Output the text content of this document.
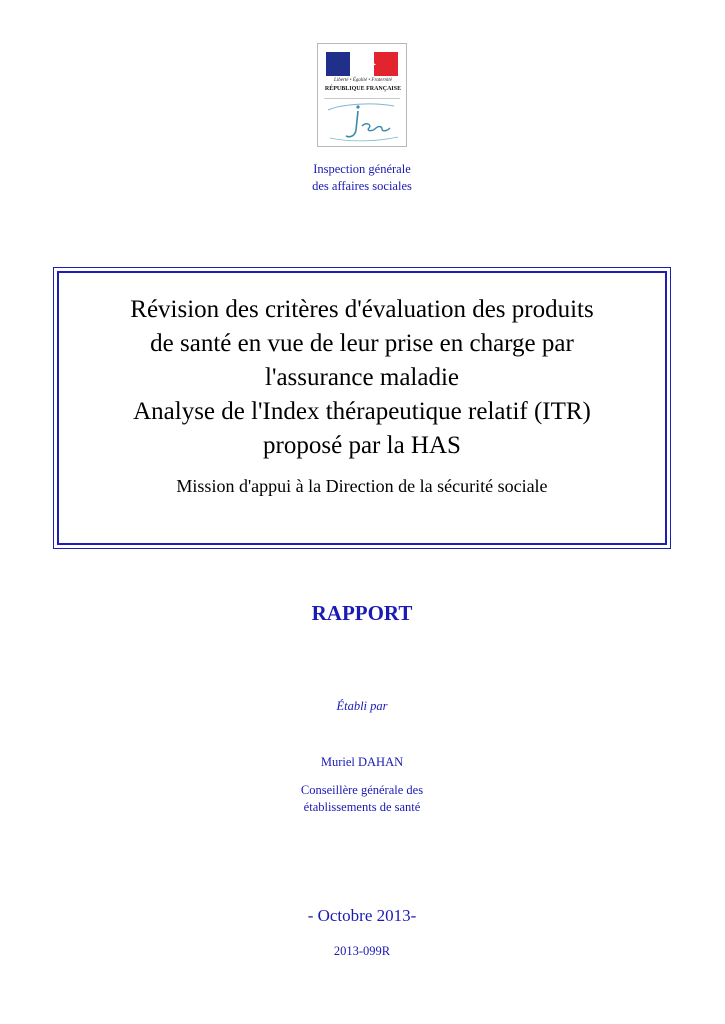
Liberté • Égalité • Fraternité
RÉPUBLIQUE FRANÇAISE
Inspection générale
des affaires sociales
Révision des critères d'évaluation des produits
de santé en vue de leur prise en charge par
l'assurance maladie
Analyse de l'Index thérapeutique relatif (ITR)
proposé par la HAS
Mission d'appui à la Direction de la sécurité sociale
RAPPORT
Établi par
Muriel DAHAN
Conseillère générale des
établissements de santé
- Octobre 2013-
2013-099R
